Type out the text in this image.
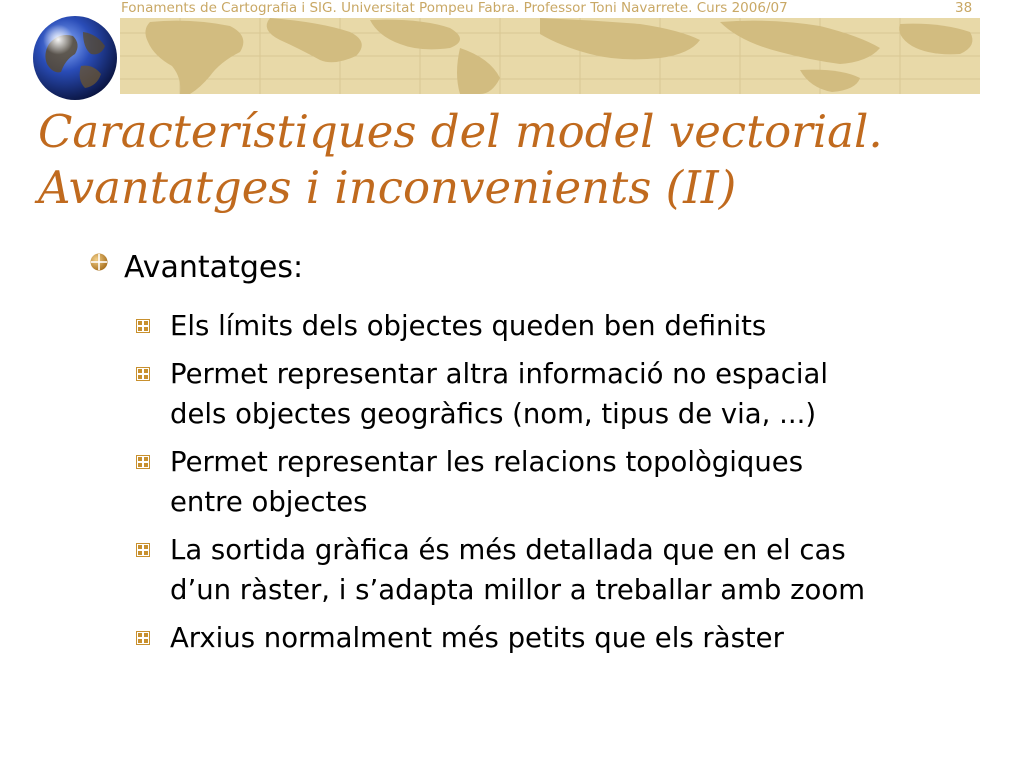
Fonaments de Cartografia i SIG. Universitat Pompeu Fabra. Professor Toni Navarrete. Curs 2006/07	38
Característiques del model vectorial.
Avantatges i inconvenients (II)
Avantatges:
Els límits dels objectes queden ben definits
Permet representar altra informació no espacial
dels objectes geogràfics (nom, tipus de via, ...)
Permet representar les relacions topològiques
entre objectes
La sortida gràfica és més detallada que en el cas
d’un ràster, i s’adapta millor a treballar amb zoom
Arxius normalment més petits que els ràster
